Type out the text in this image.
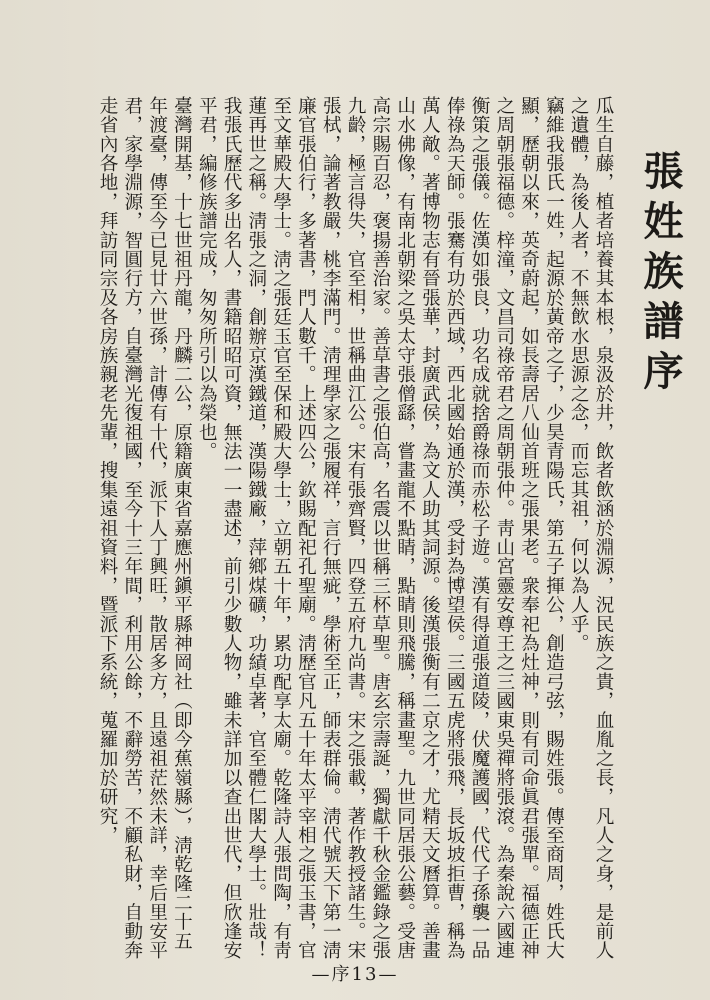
張姓族譜序
瓜生自藤，植者培養其本根，泉汲於井，飲者飲涵於淵源，況民族之貴，血胤之長，凡人之身，是前人之遺體，為後人者，不無飲水思源之念，而忘其祖，何以為人乎。
竊維我張氏一姓，起源於黃帝之子，少昊青陽氏，第五子揮公，創造弓弦，賜姓張。傳至商周，姓氏大顯，歷朝以來，英奇蔚起，如長壽居八仙首班之張果老。衆奉祀為灶神，則有司命眞君張單。福德正神之周朝張福德。梓潼，文昌司祿帝君之周朝張仲。靑山宮靈安尊王之三國東吳禪將張滾。為秦說六國連衡策之張儀。佐漢如張良，功名成就捨爵祿而赤松子遊。漢有得道張道陵，伏魔護國，代代子孫襲一品俸祿為天師。張騫有功於西域，西北國始通於漢，受封為博望侯。三國五虎將張飛，長坂坡拒曹，稱為萬人敵。著博物志有晉張華，封廣武侯，為文人助其詞源。後漢張衡有二京之才，尤精天文曆算。善畫山水佛像，有南北朝梁之吳太守張僧繇，嘗畫龍不點睛，點睛則飛騰，稱畫聖。九世同居張公藝。受唐高宗賜百忍，褒揚善治家。善草書之張伯高，名震以世稱三杯草聖。唐玄宗壽誕，獨獻千秋金鑑錄之張九齡，極言得失，官至相，世稱曲江公。宋有張齊賢，四登五府九尚書。宋之張載，著作教授諸生。宋張栻，論著教嚴，桃李滿門。淸理學家之張履祥，言行無疵，學術至正，師表群倫。淸代號天下第一淸廉官張伯行，多著書，門人數千。上述四公，欽賜配祀孔聖廟。淸歷官凡五十年太平宰相之張玉書，官至文華殿大學士。淸之張廷玉官至保和殿大學士，立朝五十年，累功配享太廟。乾隆詩人張問陶，有靑蓮再世之稱。淸張之洞，創辦京漢鐵道，漢陽鐵廠，萍鄉煤礦，功績卓著，官至體仁閣大學士。壯哉！我張氏歷代多出名人，書籍昭昭可資，無法一一盡述，前引少數人物，雖未詳加以查出世代，但欣逢安平君，編修族譜完成，匆匆所引以為榮也。
臺灣開基，十七世祖丹龍，丹麟二公，原籍廣東省嘉應州鎭平縣神岡社（即今蕉嶺縣），淸乾隆二十五年渡臺，傳至今已見廿六世孫，計傳有十代，派下人丁興旺，散居多方，且遠祖茫然未詳，幸后里安平君，家學淵源，智圓行方，自臺灣光復祖國，至今十三年間，利用公餘，不辭勞苦，不顧私財，自動奔走省內各地，拜訪同宗及各房族親老先輩，搜集遠祖資料，暨派下系統，蒐羅加於研究，
—序13—
